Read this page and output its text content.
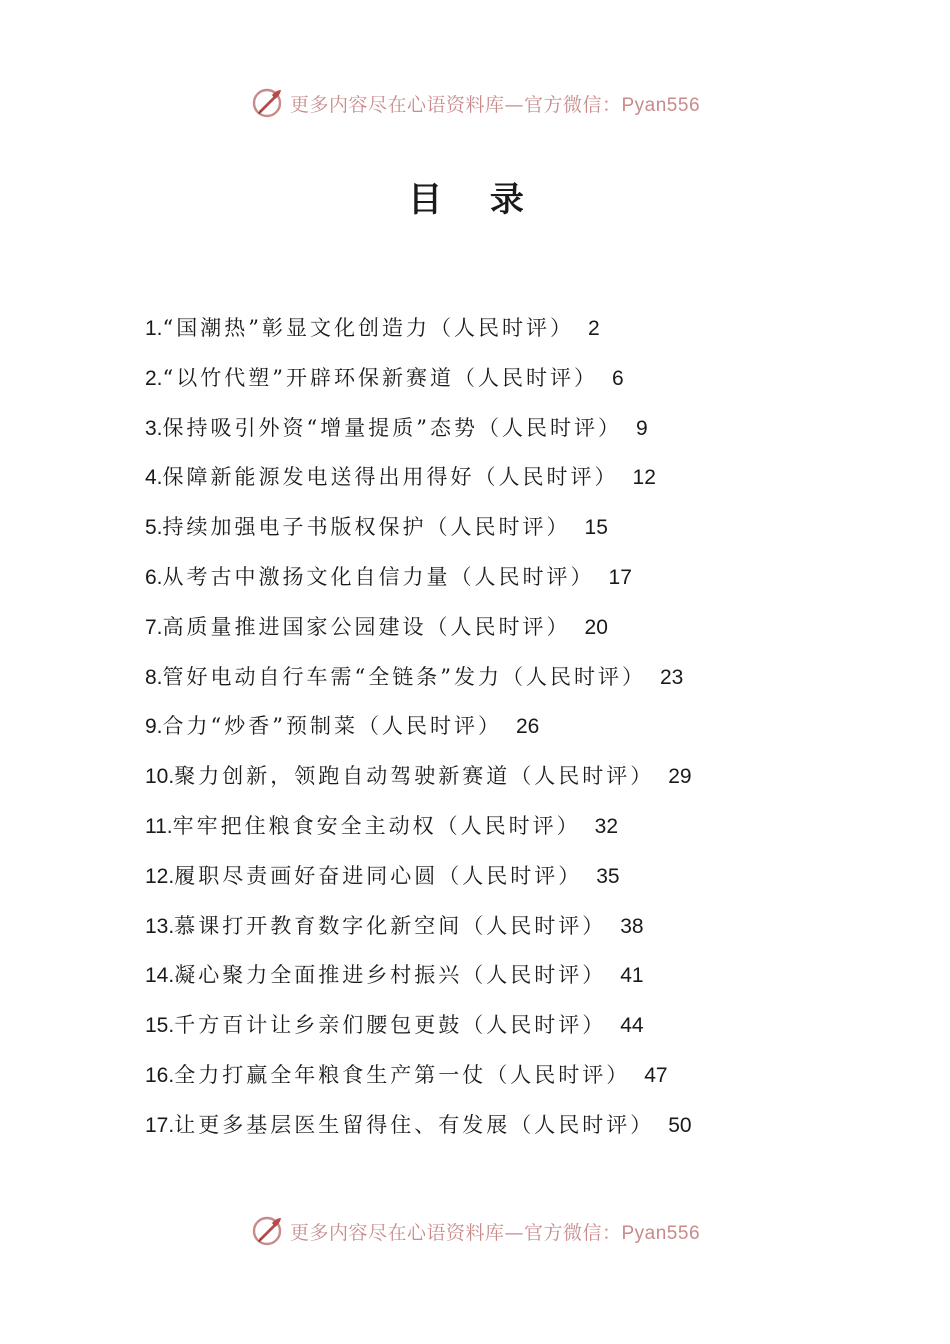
更多内容尽在心语资料库—官方微信：Pyan556
目 录
1. “国潮热”彰显文化创造力（人民时评） 2
2. “以竹代塑”开辟环保新赛道（人民时评） 6
3. 保持吸引外资“增量提质”态势（人民时评） 9
4. 保障新能源发电送得出用得好（人民时评） 12
5. 持续加强电子书版权保护（人民时评） 15
6. 从考古中激扬文化自信力量（人民时评） 17
7. 高质量推进国家公园建设（人民时评） 20
8. 管好电动自行车需“全链条”发力（人民时评） 23
9. 合力“炒香”预制菜（人民时评） 26
10. 聚力创新，领跑自动驾驶新赛道（人民时评） 29
11. 牢牢把住粮食安全主动权（人民时评） 32
12. 履职尽责画好奋进同心圆（人民时评） 35
13. 慕课打开教育数字化新空间（人民时评） 38
14. 凝心聚力全面推进乡村振兴（人民时评） 41
15. 千方百计让乡亲们腰包更鼓（人民时评） 44
16. 全力打赢全年粮食生产第一仗（人民时评） 47
17. 让更多基层医生留得住、有发展（人民时评） 50
更多内容尽在心语资料库—官方微信：Pyan556
